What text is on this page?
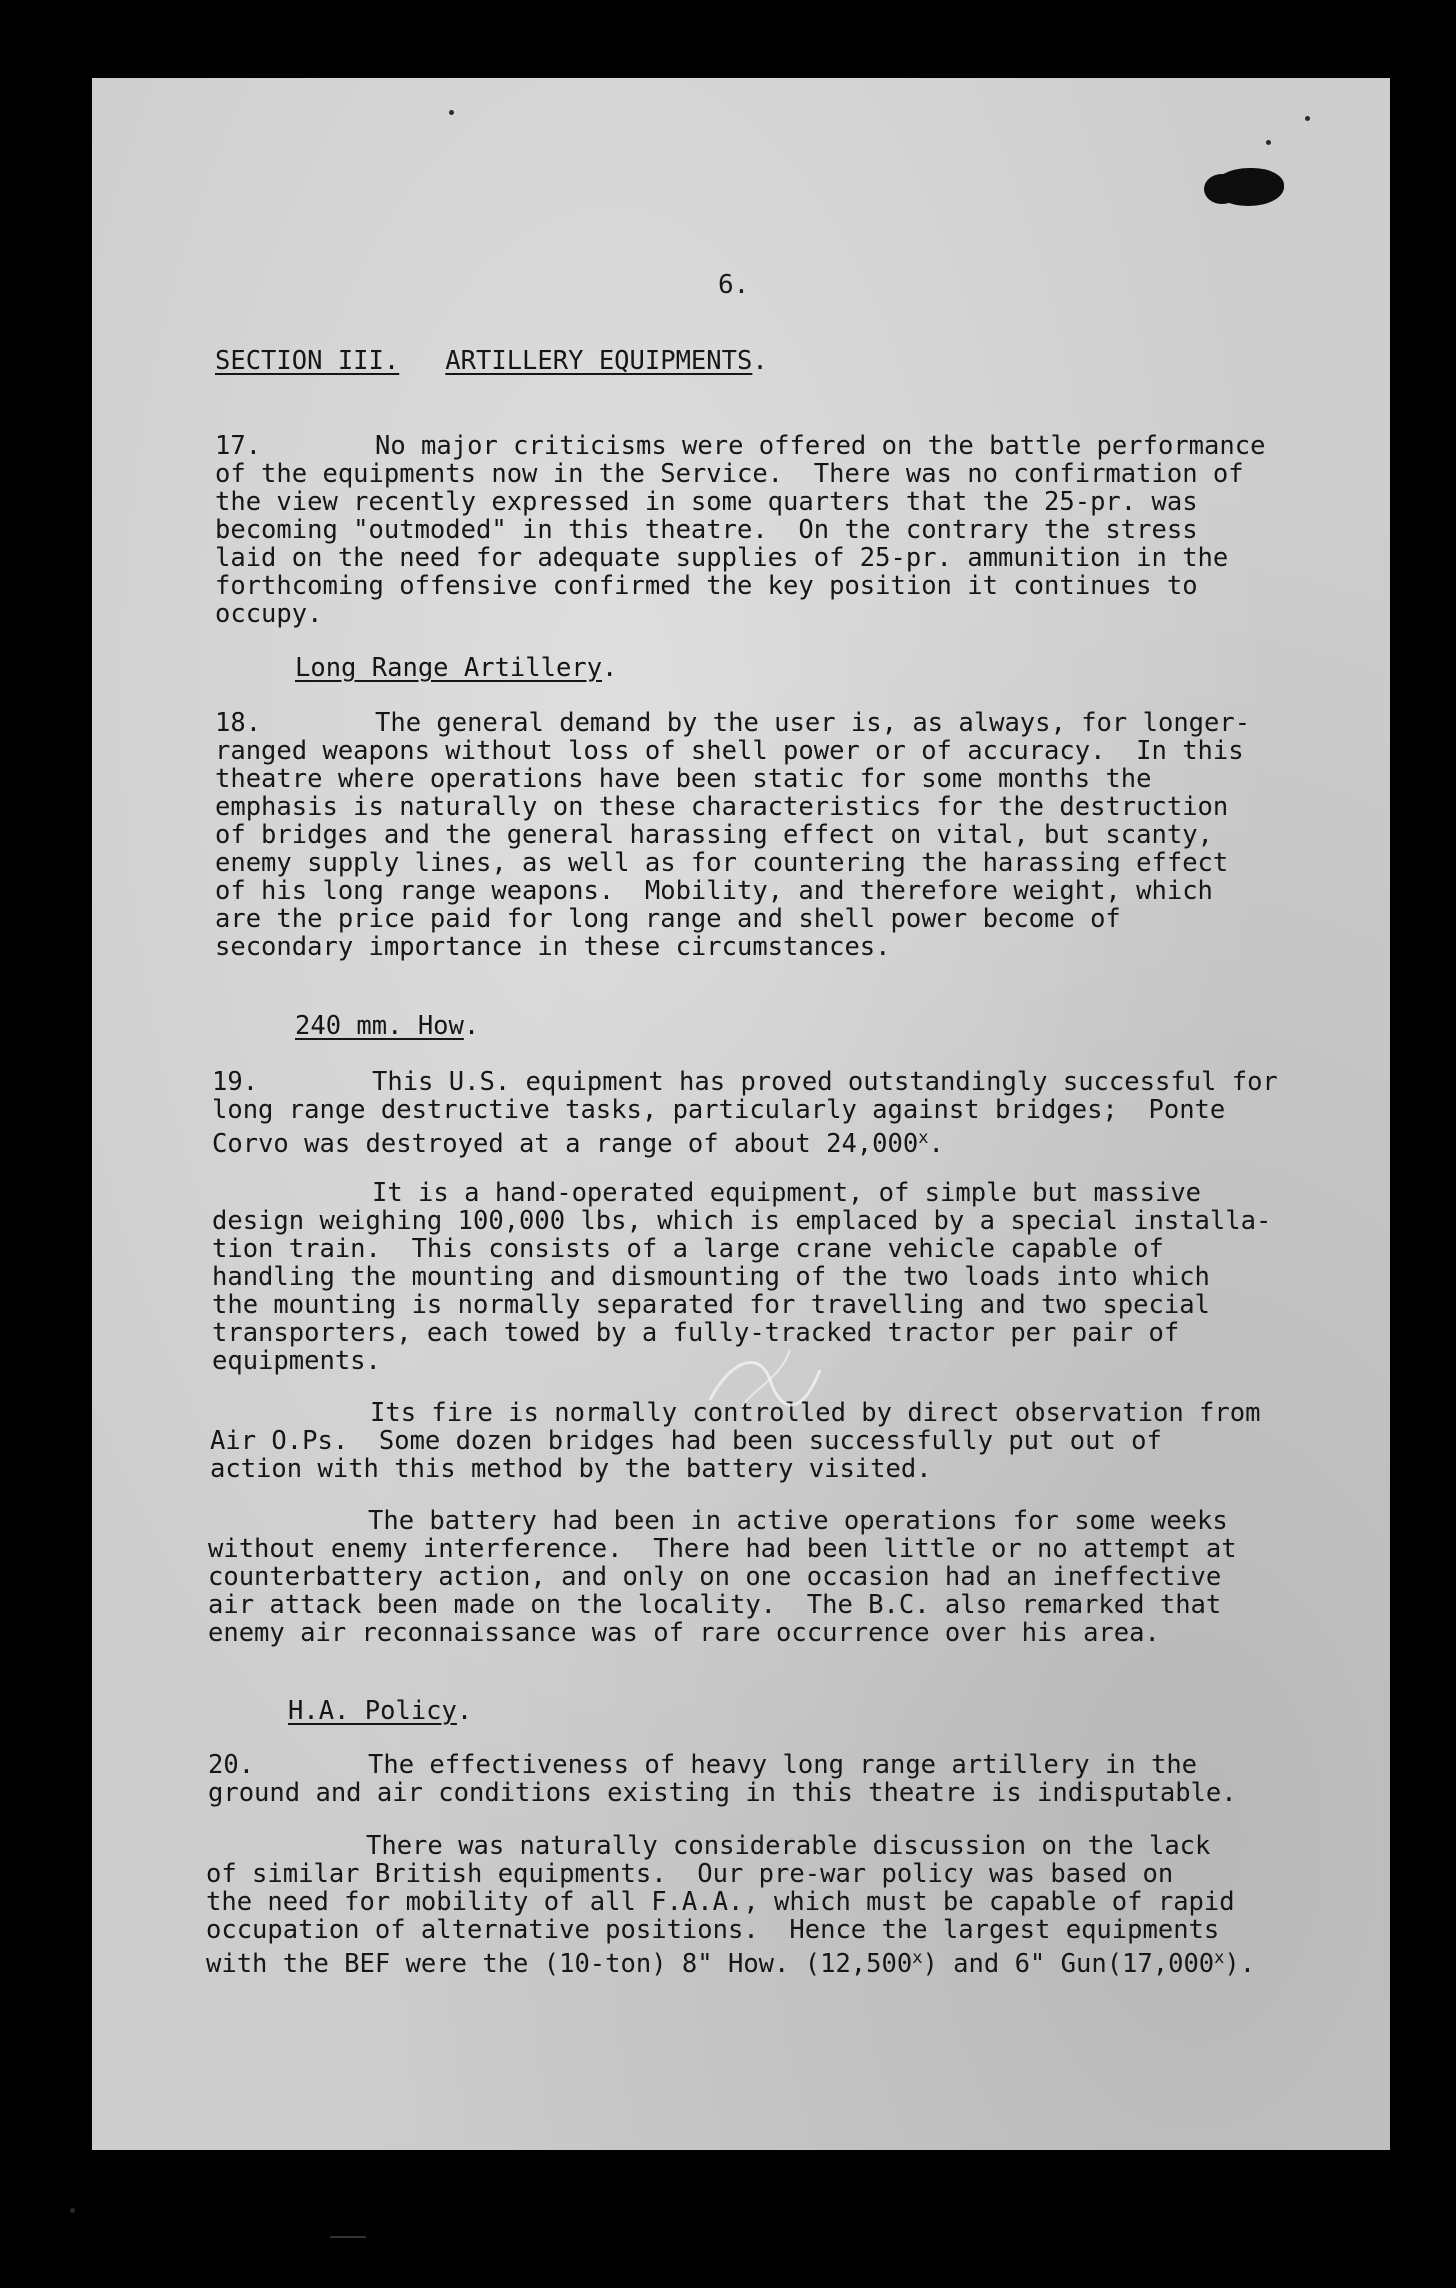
6.
SECTION III. ARTILLERY EQUIPMENTS.
17.	No major criticisms were offered on the battle performance
of the equipments now in the Service.  There was no confirmation of
the view recently expressed in some quarters that the 25-pr. was
becoming "outmoded" in this theatre.  On the contrary the stress
laid on the need for adequate supplies of 25-pr. ammunition in the
forthcoming offensive confirmed the key position it continues to
occupy.
Long Range Artillery.
18.	The general demand by the user is, as always, for longer-
ranged weapons without loss of shell power or of accuracy.  In this
theatre where operations have been static for some months the
emphasis is naturally on these characteristics for the destruction
of bridges and the general harassing effect on vital, but scanty,
enemy supply lines, as well as for countering the harassing effect
of his long range weapons.  Mobility, and therefore weight, which
are the price paid for long range and shell power become of
secondary importance in these circumstances.
240 mm. How.
19.	This U.S. equipment has proved outstandingly successful for
long range destructive tasks, particularly against bridges;  Ponte
Corvo was destroyed at a range of about 24,000$^x$.
It is a hand-operated equipment, of simple but massive
design weighing 100,000 lbs, which is emplaced by a special installa-
tion train.  This consists of a large crane vehicle capable of
handling the mounting and dismounting of the two loads into which
the mounting is normally separated for travelling and two special
transporters, each towed by a fully-tracked tractor per pair of
equipments.
Its fire is normally controlled by direct observation from
Air O.Ps.  Some dozen bridges had been successfully put out of
action with this method by the battery visited.
The battery had been in active operations for some weeks
without enemy interference.  There had been little or no attempt at
counterbattery action, and only on one occasion had an ineffective
air attack been made on the locality.  The B.C. also remarked that
enemy air reconnaissance was of rare occurrence over his area.
H.A. Policy.
20.	The effectiveness of heavy long range artillery in the
ground and air conditions existing in this theatre is indisputable.
There was naturally considerable discussion on the lack
of similar British equipments.  Our pre-war policy was based on
the need for mobility of all F.A.A., which must be capable of rapid
occupation of alternative positions.  Hence the largest equipments
with the BEF were the (10-ton) 8" How. (12,500$^x$) and 6" Gun(17,000$^x$).
